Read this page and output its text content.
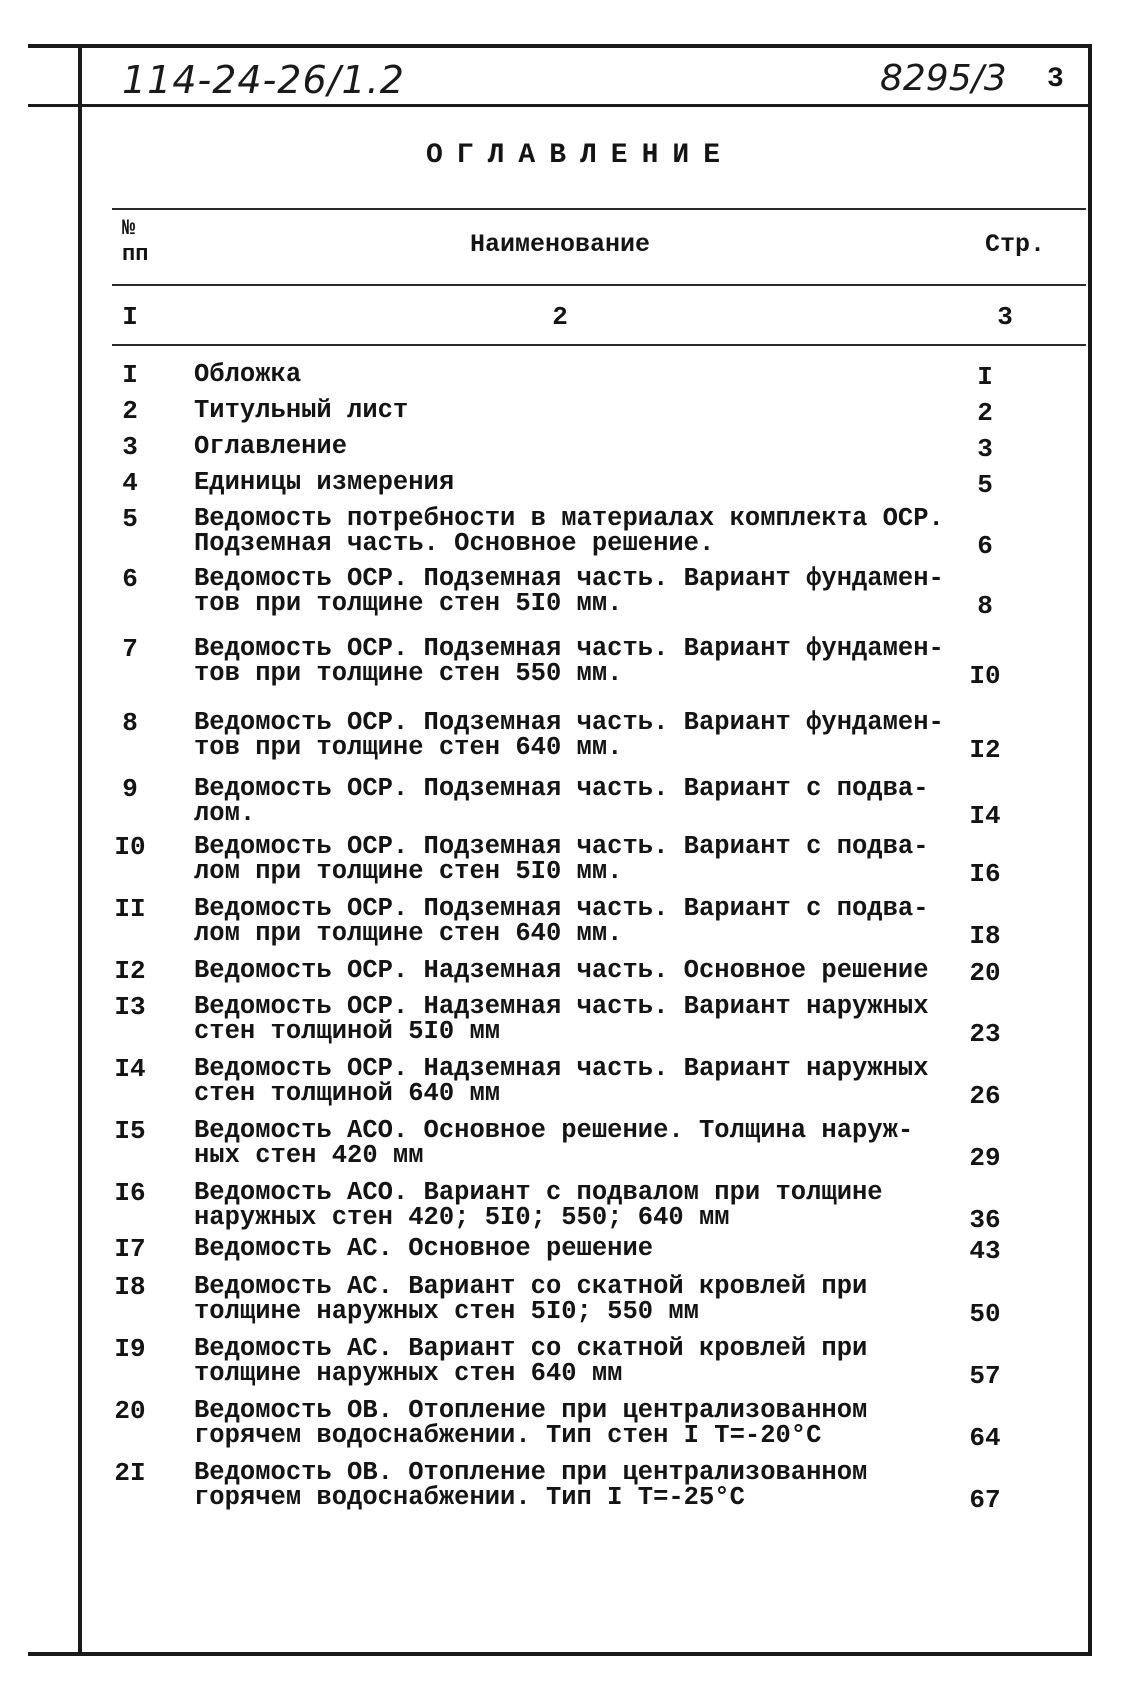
114-24-26/1.2	8295/3 3
ОГЛАВЛЕНИЕ
№
пп	Наименование	Стр.
I	2	3
I	Обложка	I
2	Титульный лист	2
3	Оглавление	3
4	Единицы измерения	5
5	Ведомость потребности в материалах комплекта ОСР.
Подземная часть. Основное решение.	6
6	Ведомость ОСР. Подземная часть. Вариант фундамен-
тов при толщине стен 5I0 мм.	8
7	Ведомость ОСР. Подземная часть. Вариант фундамен-
тов при толщине стен 550 мм.	I0
8	Ведомость ОСР. Подземная часть. Вариант фундамен-
тов при толщине стен 640 мм.	I2
9	Ведомость ОСР. Подземная часть. Вариант с подва-
лом.	I4
I0 Ведомость ОСР. Подземная часть. Вариант с подва-
лом при толщине стен 5I0 мм.	I6
II Ведомость ОСР. Подземная часть. Вариант с подва-
лом при толщине стен 640 мм.	I8
I2 Ведомость ОСР. Надземная часть. Основное решение	20
I3 Ведомость ОСР. Надземная часть. Вариант наружных
стен толщиной 5I0 мм	23
I4 Ведомость ОСР. Надземная часть. Вариант наружных
стен толщиной 640 мм	26
I5 Ведомость АСО. Основное решение. Толщина наруж-
ных стен 420 мм	29
I6 Ведомость АСО. Вариант с подвалом при толщине
наружных стен 420; 5I0; 550; 640 мм	36
I7 Ведомость АС. Основное решение	43
I8 Ведомость АС. Вариант со скатной кровлей при
толщине наружных стен 5I0; 550 мм	50
I9 Ведомость АС. Вариант со скатной кровлей при
толщине наружных стен 640 мм	57
20 Ведомость ОВ. Отопление при централизованном
горячем водоснабжении. Тип стен I Т=-20°С	64
2I Ведомость ОВ. Отопление при централизованном
горячем водоснабжении. Тип I Т=-25°С	67
